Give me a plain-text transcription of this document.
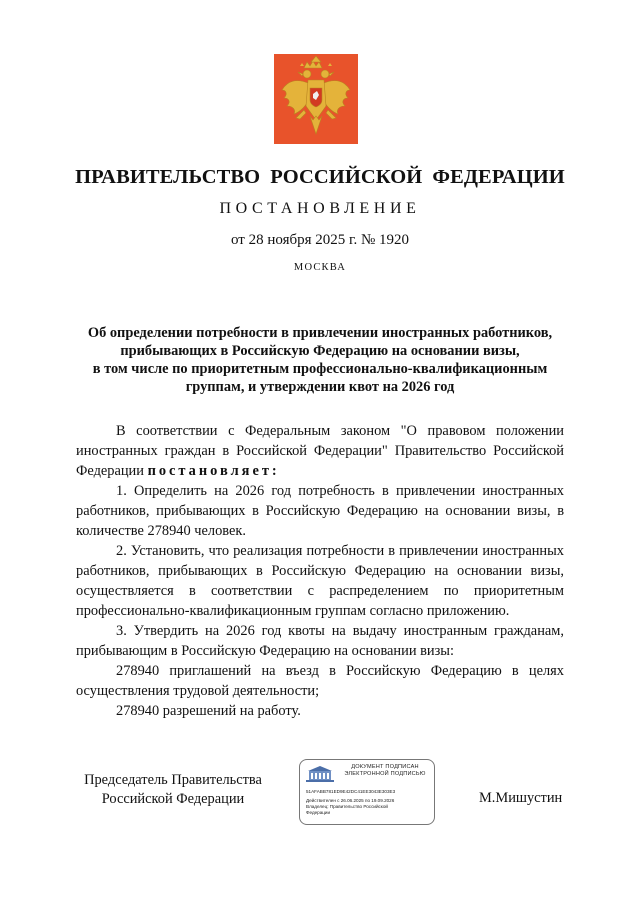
ПРАВИТЕЛЬСТВО РОССИЙСКОЙ ФЕДЕРАЦИИ
ПОСТАНОВЛЕНИЕ
от 28 ноября 2025 г. № 1920
МОСКВА
Об определении потребности в привлечении иностранных работников,
прибывающих в Российскую Федерацию на основании визы,
в том числе по приоритетным профессионально-квалификационным
группам, и утверждении квот на 2026 год

В соответствии с Федеральным законом "О правовом положении иностранных граждан в Российской Федерации" Правительство Российской Федерации постановляет:

1. Определить на 2026 год потребность в привлечении иностранных работников, прибывающих в Российскую Федерацию на основании визы, в количестве 278940 человек.

2. Установить, что реализация потребности в привлечении иностранных работников, прибывающих в Российскую Федерацию на основании визы, осуществляется в соответствии с распределением по приоритетным профессионально-квалификационным группам согласно приложению.

3. Утвердить на 2026 год квоты на выдачу иностранным гражданам, прибывающим в Российскую Федерацию на основании визы:

278940 приглашений на въезд в Российскую Федерацию в целях осуществления трудовой деятельности;

278940 разрешений на работу.

Председатель Правительства
Российской Федерации
ДОКУМЕНТ ПОДПИСАН
ЭЛЕКТРОННОЙ ПОДПИСЬЮ
51AFABB781ED9E42DC41EE3043E303E3
Действителен с 26.06.2025 по 19.09.2026
Владелец: Правительство Российской
Федерации
М.Мишустин
